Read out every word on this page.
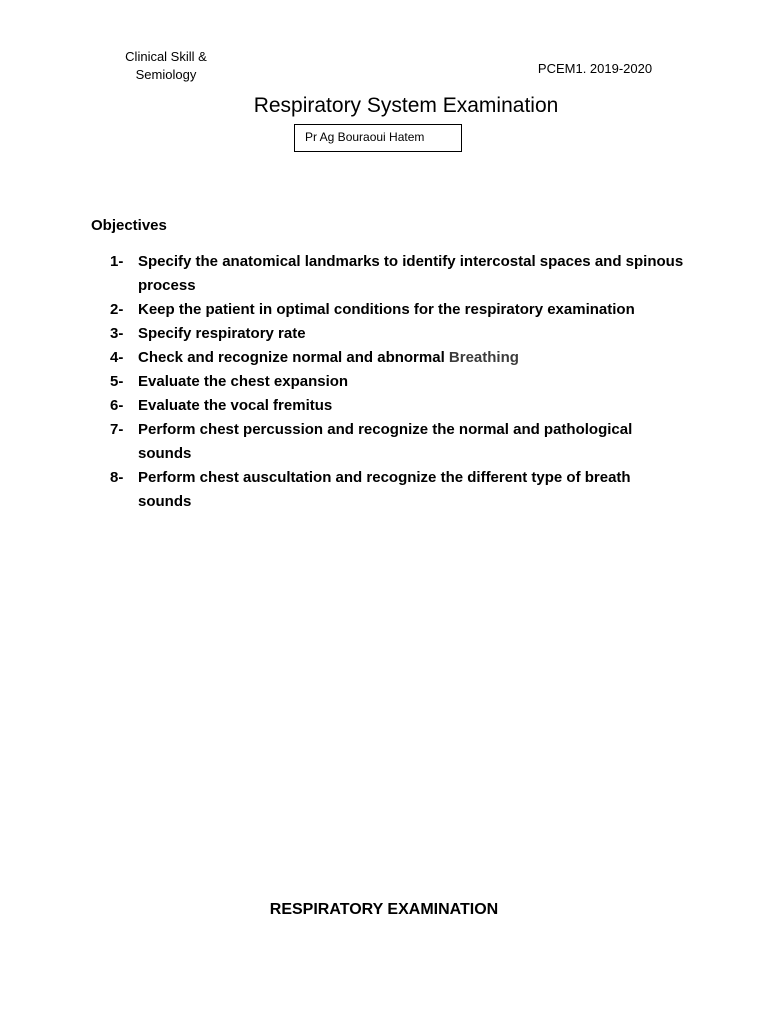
Clinical Skill &
Semiology	PCEM1. 2019-2020
Respiratory System Examination
Pr Ag Bouraoui Hatem
Objectives
1- Specify the anatomical landmarks to identify intercostal spaces and spinous process
2- Keep the patient in optimal conditions for the respiratory examination
3- Specify respiratory rate
4- Check and recognize normal and abnormal Breathing
5- Evaluate the chest expansion
6- Evaluate the vocal fremitus
7- Perform chest percussion and recognize the normal and pathological sounds
8- Perform chest auscultation and recognize the different type of breath sounds
RESPIRATORY EXAMINATION
